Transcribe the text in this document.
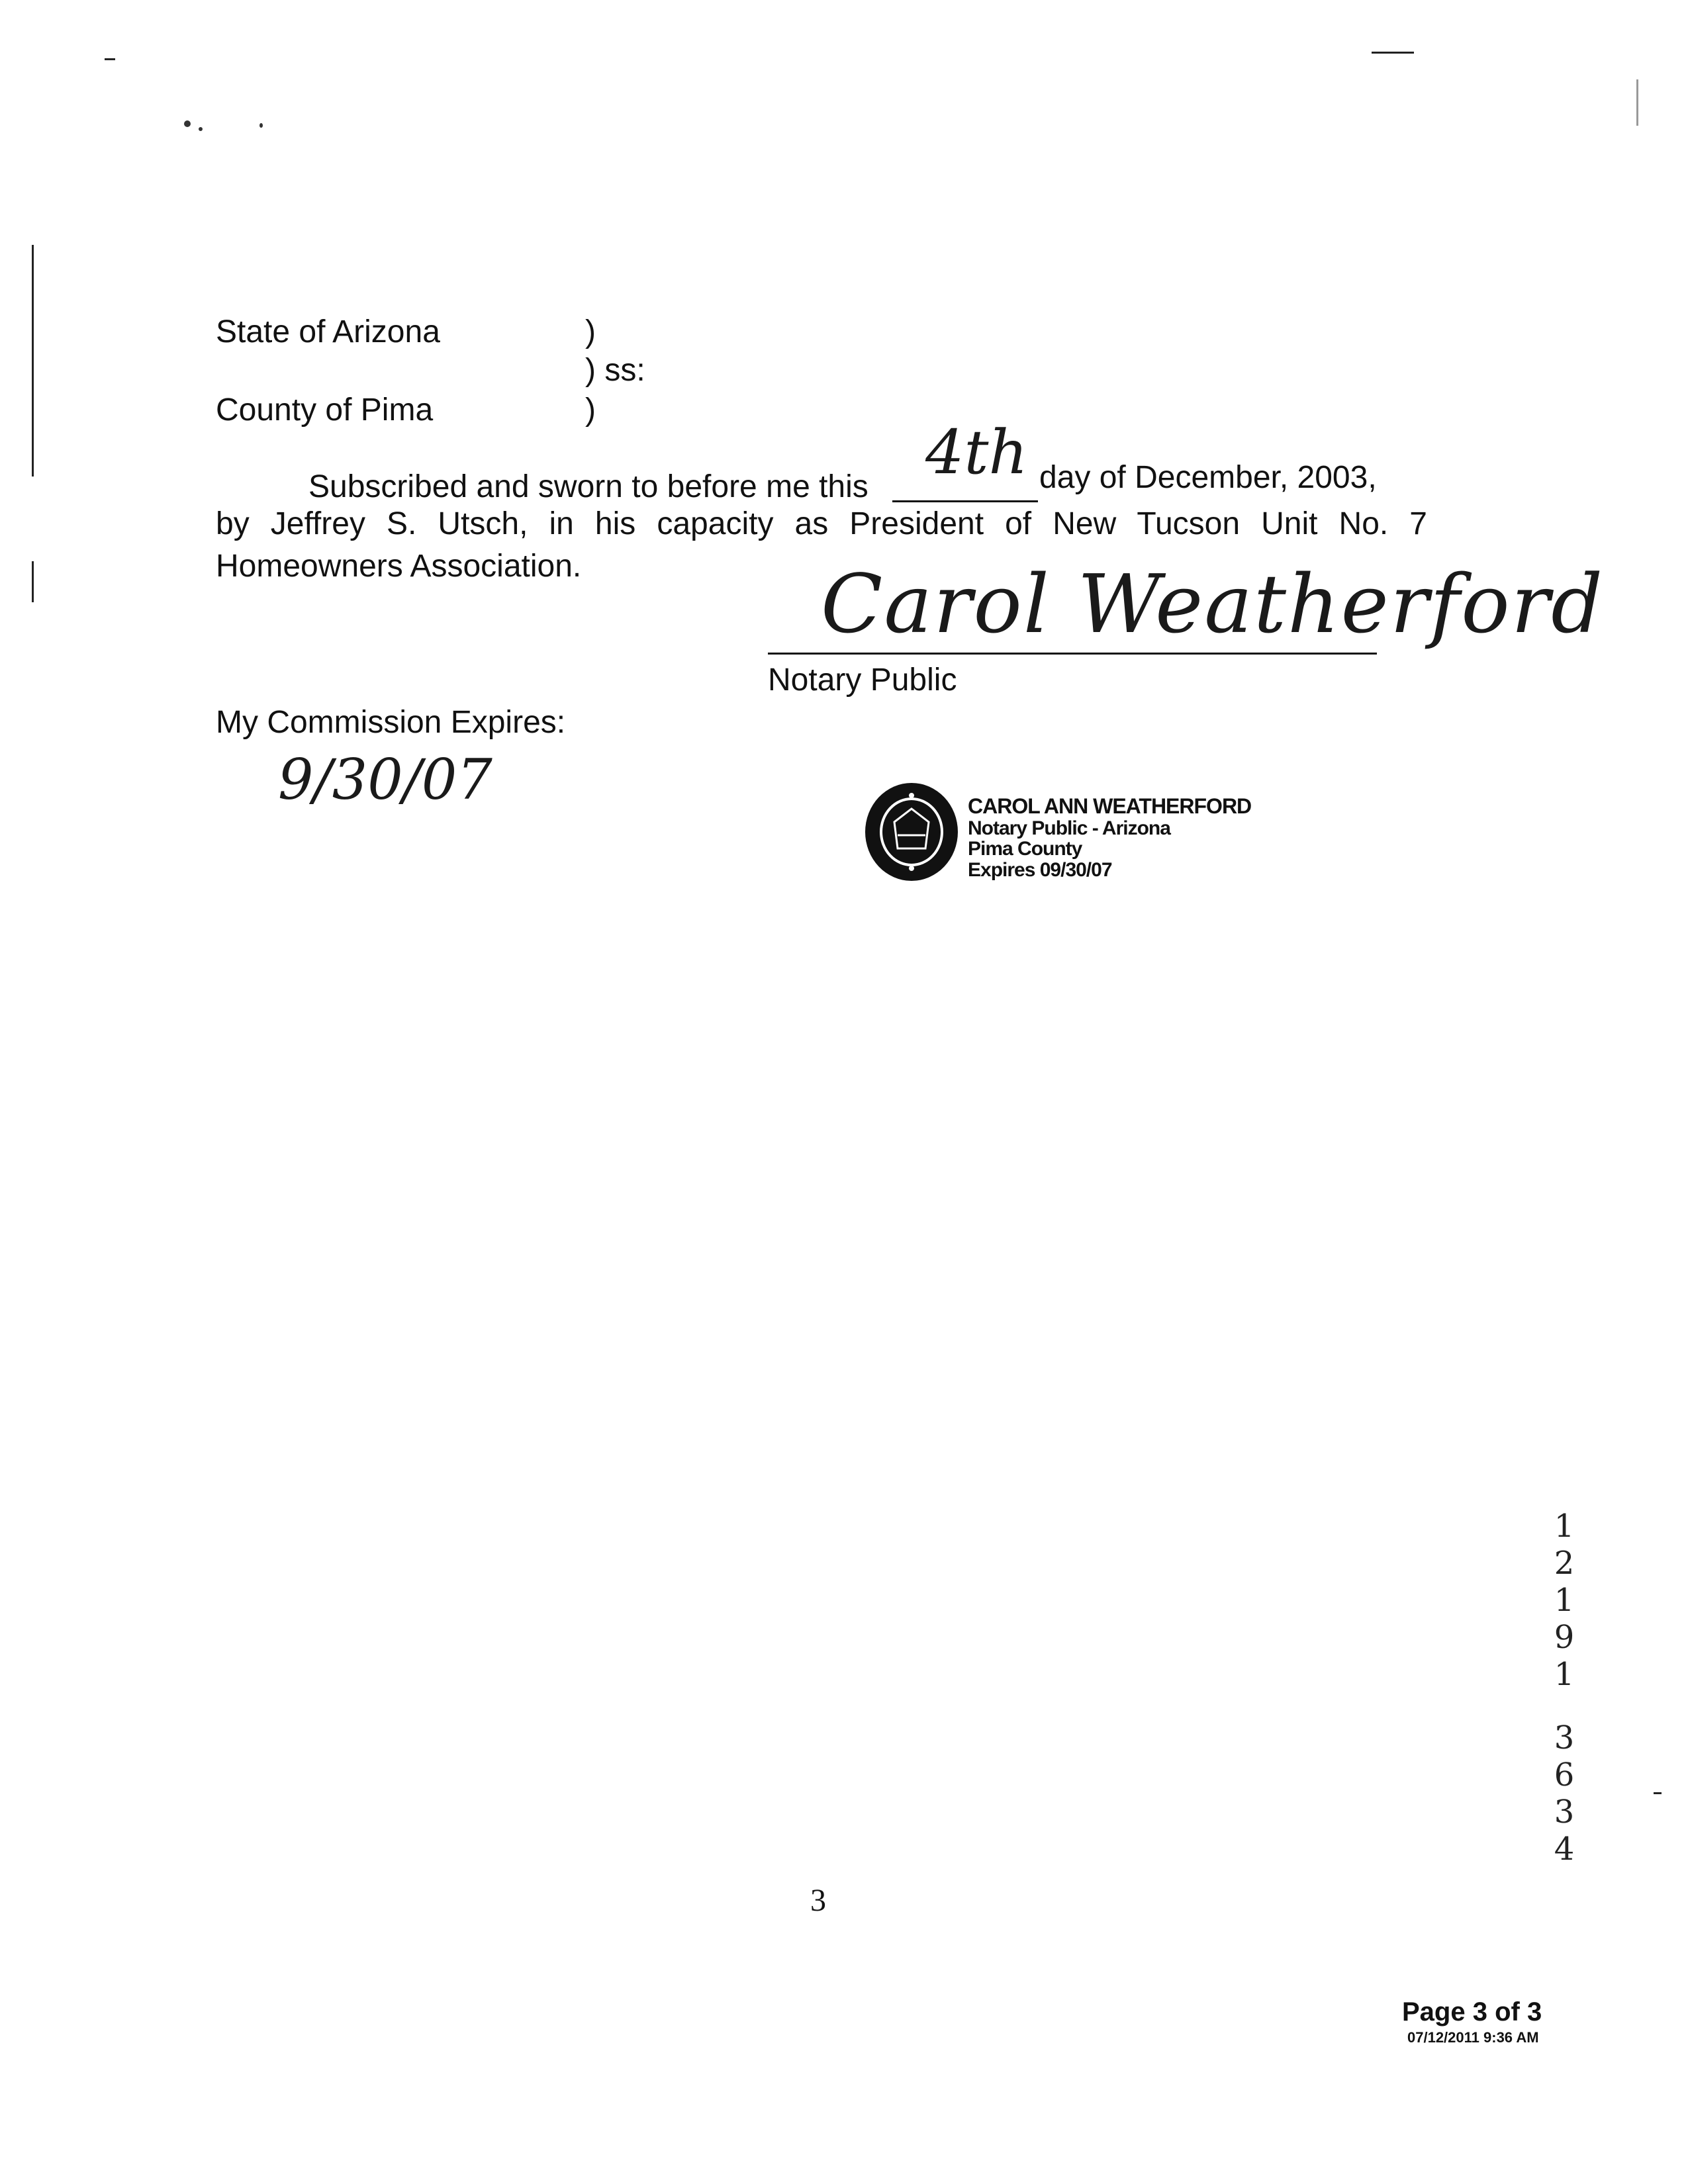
State of Arizona	)
) ss:
County of Pima	)
Subscribed and sworn to before me this 4th day of December, 2003,
by Jeffrey S. Utsch, in his capacity as President of New Tucson Unit No. 7
Homeowners Association.	Carol Weatherford
Notary Public
My Commission Expires:
9/30/07	CAROL ANN WEATHERFORD
Notary Public - Arizona
Pima County
Expires 09/30/07
1
2
1
9
1
3
6
3
4
3
Page 3 of 3
07/12/2011 9:36 AM
